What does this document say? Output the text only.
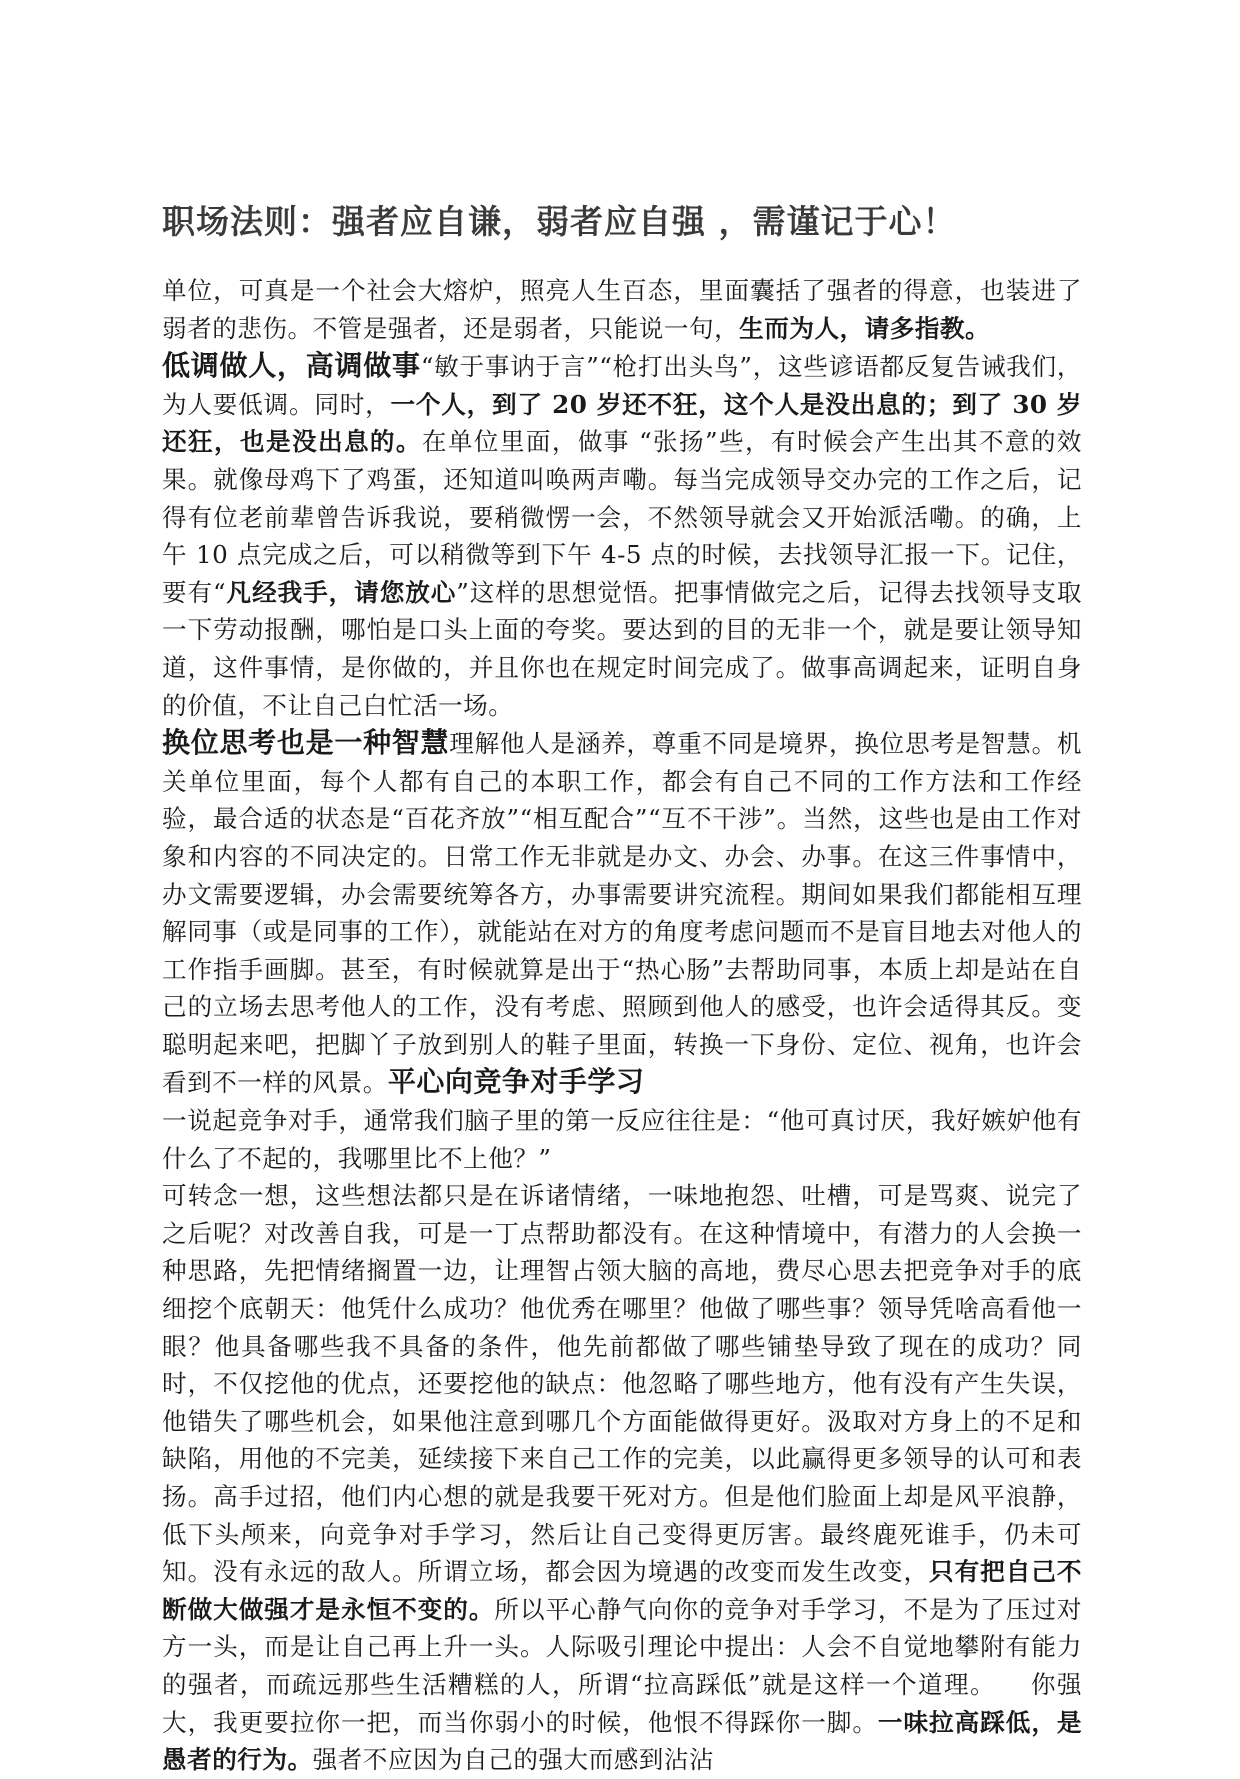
职场法则：强者应自谦，弱者应自强 ，需谨记于心！

单位，可真是一个社会大熔炉，照亮人生百态，里面囊括了强者的得意，也装进了弱者的悲伤。不管是强者，还是弱者，只能说一句，生而为人，请多指教。
低调做人，高调做事“敏于事讷于言”“枪打出头鸟”，这些谚语都反复告诫我们，为人要低调。同时，一个人，到了 20 岁还不狂，这个人是没出息的；到了 30 岁还狂，也是没出息的。在单位里面，做事 “张扬”些，有时候会产生出其不意的效果。就像母鸡下了鸡蛋，还知道叫唤两声嘞。每当完成领导交办完的工作之后，记得有位老前辈曾告诉我说，要稍微愣一会，不然领导就会又开始派活嘞。的确，上午 10 点完成之后，可以稍微等到下午 4-5 点的时候，去找领导汇报一下。记住，要有“凡经我手，请您放心”这样的思想觉悟。把事情做完之后，记得去找领导支取一下劳动报酬，哪怕是口头上面的夸奖。要达到的目的无非一个，就是要让领导知道，这件事情，是你做的，并且你也在规定时间完成了。做事高调起来，证明自身的价值，不让自己白忙活一场。
换位思考也是一种智慧理解他人是涵养，尊重不同是境界，换位思考是智慧。机关单位里面，每个人都有自己的本职工作，都会有自己不同的工作方法和工作经验，最合适的状态是“百花齐放”“相互配合”“互不干涉”。当然，这些也是由工作对象和内容的不同决定的。日常工作无非就是办文、办会、办事。在这三件事情中，办文需要逻辑，办会需要统筹各方，办事需要讲究流程。期间如果我们都能相互理解同事（或是同事的工作），就能站在对方的角度考虑问题而不是盲目地去对他人的工作指手画脚。甚至，有时候就算是出于“热心肠”去帮助同事，本质上却是站在自己的立场去思考他人的工作，没有考虑、照顾到他人的感受，也许会适得其反。变聪明起来吧，把脚丫子放到别人的鞋子里面，转换一下身份、定位、视角，也许会看到不一样的风景。平心向竞争对手学习
一说起竞争对手，通常我们脑子里的第一反应往往是：“他可真讨厌，我好嫉妒他有什么了不起的，我哪里比不上他？”
可转念一想，这些想法都只是在诉诸情绪，一味地抱怨、吐槽，可是骂爽、说完了之后呢？对改善自我，可是一丁点帮助都没有。在这种情境中，有潜力的人会换一种思路，先把情绪搁置一边，让理智占领大脑的高地，费尽心思去把竞争对手的底细挖个底朝天：他凭什么成功？他优秀在哪里？他做了哪些事？领导凭啥高看他一眼？他具备哪些我不具备的条件，他先前都做了哪些铺垫导致了现在的成功？同时，不仅挖他的优点，还要挖他的缺点：他忽略了哪些地方，他有没有产生失误，他错失了哪些机会，如果他注意到哪几个方面能做得更好。汲取对方身上的不足和缺陷，用他的不完美，延续接下来自己工作的完美，以此赢得更多领导的认可和表扬。高手过招，他们内心想的就是我要干死对方。但是他们脸面上却是风平浪静，低下头颅来，向竞争对手学习，然后让自己变得更厉害。最终鹿死谁手，仍未可知。没有永远的敌人。所谓立场，都会因为境遇的改变而发生改变，只有把自己不断做大做强才是永恒不变的。所以平心静气向你的竞争对手学习，不是为了压过对方一头，而是让自己再上升一头。人际吸引理论中提出：人会不自觉地攀附有能力的强者，而疏远那些生活糟糕的人，所谓“拉高踩低”就是这样一个道理。 你强大，我更要拉你一把，而当你弱小的时候，他恨不得踩你一脚。一味拉高踩低，是愚者的行为。强者不应因为自己的强大而感到沾沾
